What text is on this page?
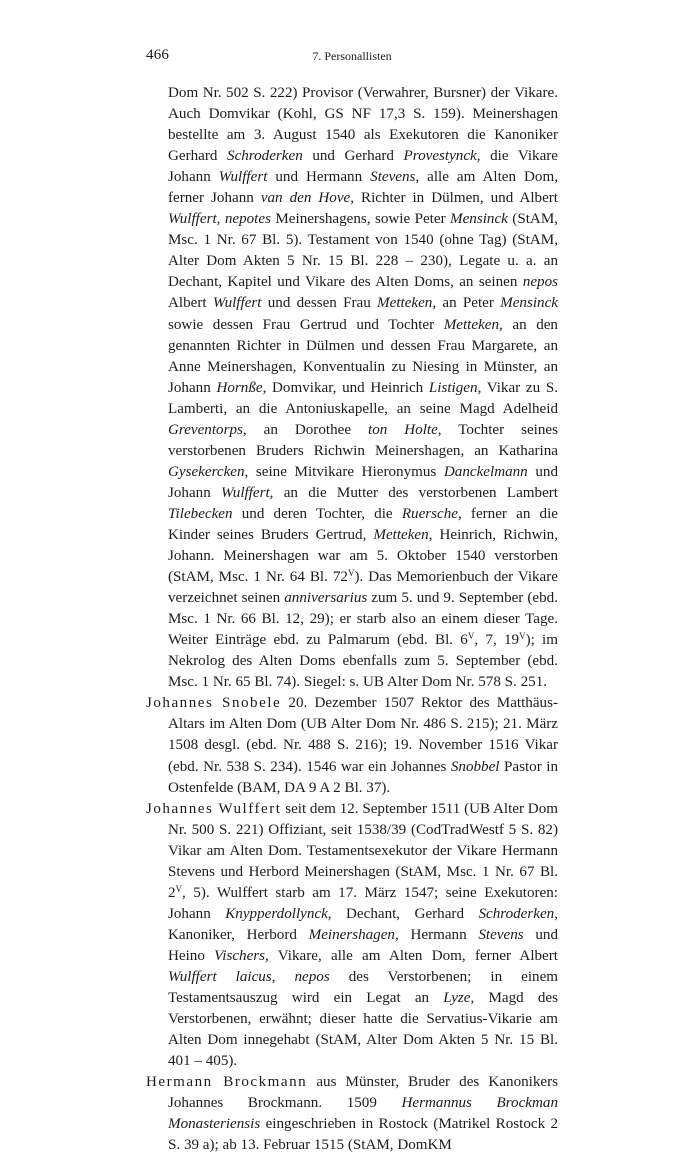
466	7. Personallisten

Dom Nr. 502 S. 222) Provisor (Verwahrer, Bursner) der Vikare. Auch Domvikar (Kohl, GS NF 17,3 S. 159). Meinershagen bestellte am 3. August 1540 als Exekutoren die Kanoniker Gerhard Schroderken und Gerhard Provestynck, die Vikare Johann Wulffert und Hermann Stevens, alle am Alten Dom, ferner Johann van den Hove, Richter in Dülmen, und Albert Wulffert, nepotes Meinershagens, sowie Peter Mensinck (StAM, Msc. 1 Nr. 67 Bl. 5). Testament von 1540 (ohne Tag) (StAM, Alter Dom Akten 5 Nr. 15 Bl. 228 – 230), Legate u. a. an Dechant, Kapitel und Vikare des Alten Doms, an seinen nepos Albert Wulffert und dessen Frau Metteken, an Peter Mensinck sowie dessen Frau Gertrud und Tochter Metteken, an den genannten Richter in Dülmen und dessen Frau Margarete, an Anne Meinershagen, Konventualin zu Niesing in Münster, an Johann Hornße, Domvikar, und Heinrich Listigen, Vikar zu S. Lamberti, an die Antoniuskapelle, an seine Magd Adelheid Greventorps, an Dorothee ton Holte, Tochter seines verstorbenen Bruders Richwin Meinershagen, an Katharina Gysekercken, seine Mitvikare Hieronymus Danckelmann und Johann Wulffert, an die Mutter des verstorbenen Lambert Tilebecken und deren Tochter, die Ruersche, ferner an die Kinder seines Bruders Gertrud, Metteken, Heinrich, Richwin, Johann. Meinershagen war am 5. Oktober 1540 verstorben (StAM, Msc. 1 Nr. 64 Bl. $72^V$). Das Memorienbuch der Vikare verzeichnet seinen anniversarius zum 5. und 9. September (ebd. Msc. 1 Nr. 66 Bl. 12, 29); er starb also an einem dieser Tage. Weiter Einträge ebd. zu Palmarum (ebd. Bl. $6^V$, 7, $19^V$); im Nekrolog des Alten Doms ebenfalls zum 5. September (ebd. Msc. 1 Nr. 65 Bl. 74). Siegel: s. UB Alter Dom Nr. 578 S. 251.

Johannes Snobele 20. Dezember 1507 Rektor des Matthäus-Altars im Alten Dom (UB Alter Dom Nr. 486 S. 215); 21. März 1508 desgl. (ebd. Nr. 488 S. 216); 19. November 1516 Vikar (ebd. Nr. 538 S. 234). 1546 war ein Johannes Snobbel Pastor in Ostenfelde (BAM, DA 9 A 2 Bl. 37).

Johannes Wulffert seit dem 12. September 1511 (UB Alter Dom Nr. 500 S. 221) Offiziant, seit 1538/39 (CodTradWestf 5 S. 82) Vikar am Alten Dom. Testamentsexekutor der Vikare Hermann Stevens und Herbord Meinershagen (StAM, Msc. 1 Nr. 67 Bl. $2^V$, 5). Wulffert starb am 17. März 1547; seine Exekutoren: Johann Knypperdollynck, Dechant, Gerhard Schroderken, Kanoniker, Herbord Meinershagen, Hermann Stevens und Heino Vischers, Vikare, alle am Alten Dom, ferner Albert Wulffert laicus, nepos des Verstorbenen; in einem Testamentsauszug wird ein Legat an Lyze, Magd des Verstorbenen, erwähnt; dieser hatte die Servatius-Vikarie am Alten Dom innegehabt (StAM, Alter Dom Akten 5 Nr. 15 Bl. 401 – 405).

Hermann Brockmann aus Münster, Bruder des Kanonikers Johannes Brockmann. 1509 Hermannus Brockman Monasteriensis eingeschrieben in Rostock (Matrikel Rostock 2 S. 39 a); ab 13. Februar 1515 (StAM, DomKM
